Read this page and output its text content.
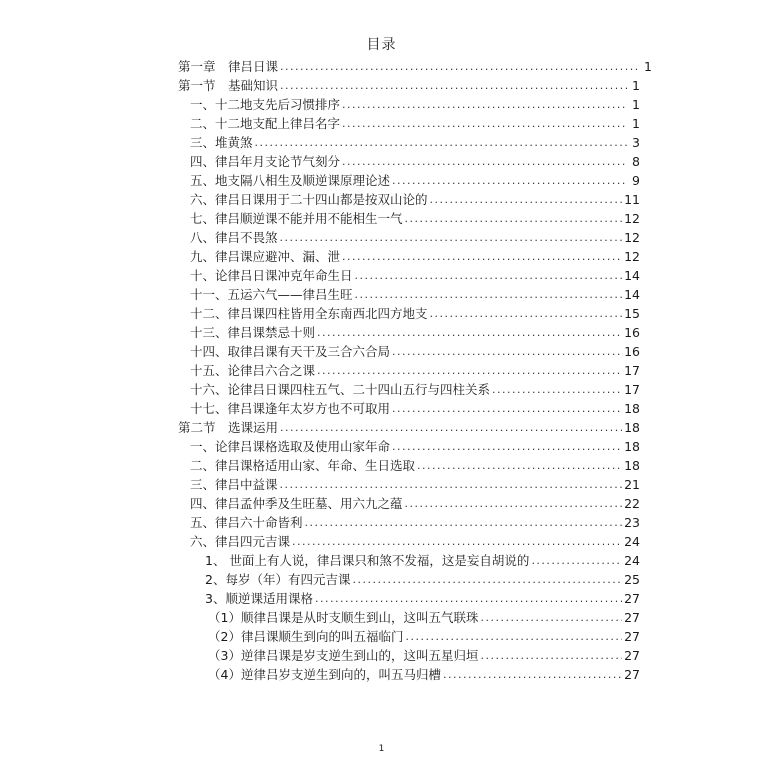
目录
第一章　律吕日课 .....	1
第一节　基础知识 .....	1
一、十二地支先后习惯排序 .....	1
二、十二地支配上律吕名字 .....	1
三、堆黄煞 .....	3
四、律吕年月支论节气刻分 .....	8
五、地支隔八相生及顺逆课原理论述 .....	9
六、律吕日课用于二十四山都是按双山论的 .....	11
七、律吕顺逆课不能并用不能相生一气 .....	12
八、律吕不畏煞 .....	12
九、律吕课应避冲、漏、泄 .....	12
十、论律吕日课冲克年命生日 .....	14
十一、五运六气——律吕生旺 .....	14
十二、律吕课四柱皆用全东南西北四方地支 .....	15
十三、律吕课禁忌十则 .....	16
十四、取律吕课有天干及三合六合局 .....	16
十五、论律吕六合之课 .....	17
十六、论律吕日课四柱五气、二十四山五行与四柱关系 .....	17
十七、律吕课逢年太岁方也不可取用 .....	18
第二节　选课运用 .....	18
一、论律吕课格选取及使用山家年命 .....	18
二、律吕课格适用山家、年命、生日选取 .....	18
三、律吕中益课 .....	21
四、律吕孟仲季及生旺墓、用六九之蕴 .....	22
五、律吕六十命皆利 .....	23
六、律吕四元吉课 .....	24
1、 世面上有人说，律吕课只和煞不发福，这是妄自胡说的 .....	24
2、每岁（年）有四元吉课 .....	25
3、顺逆课适用课格 .....	27
（1）顺律吕课是从时支顺生到山，这叫五气联珠 .....	27
（2）律吕课顺生到向的叫五福临门 .....	27
（3）逆律吕课是岁支逆生到山的，这叫五星归垣 .....	27
（4）逆律吕岁支逆生到向的，叫五马归槽 .....	27
1
